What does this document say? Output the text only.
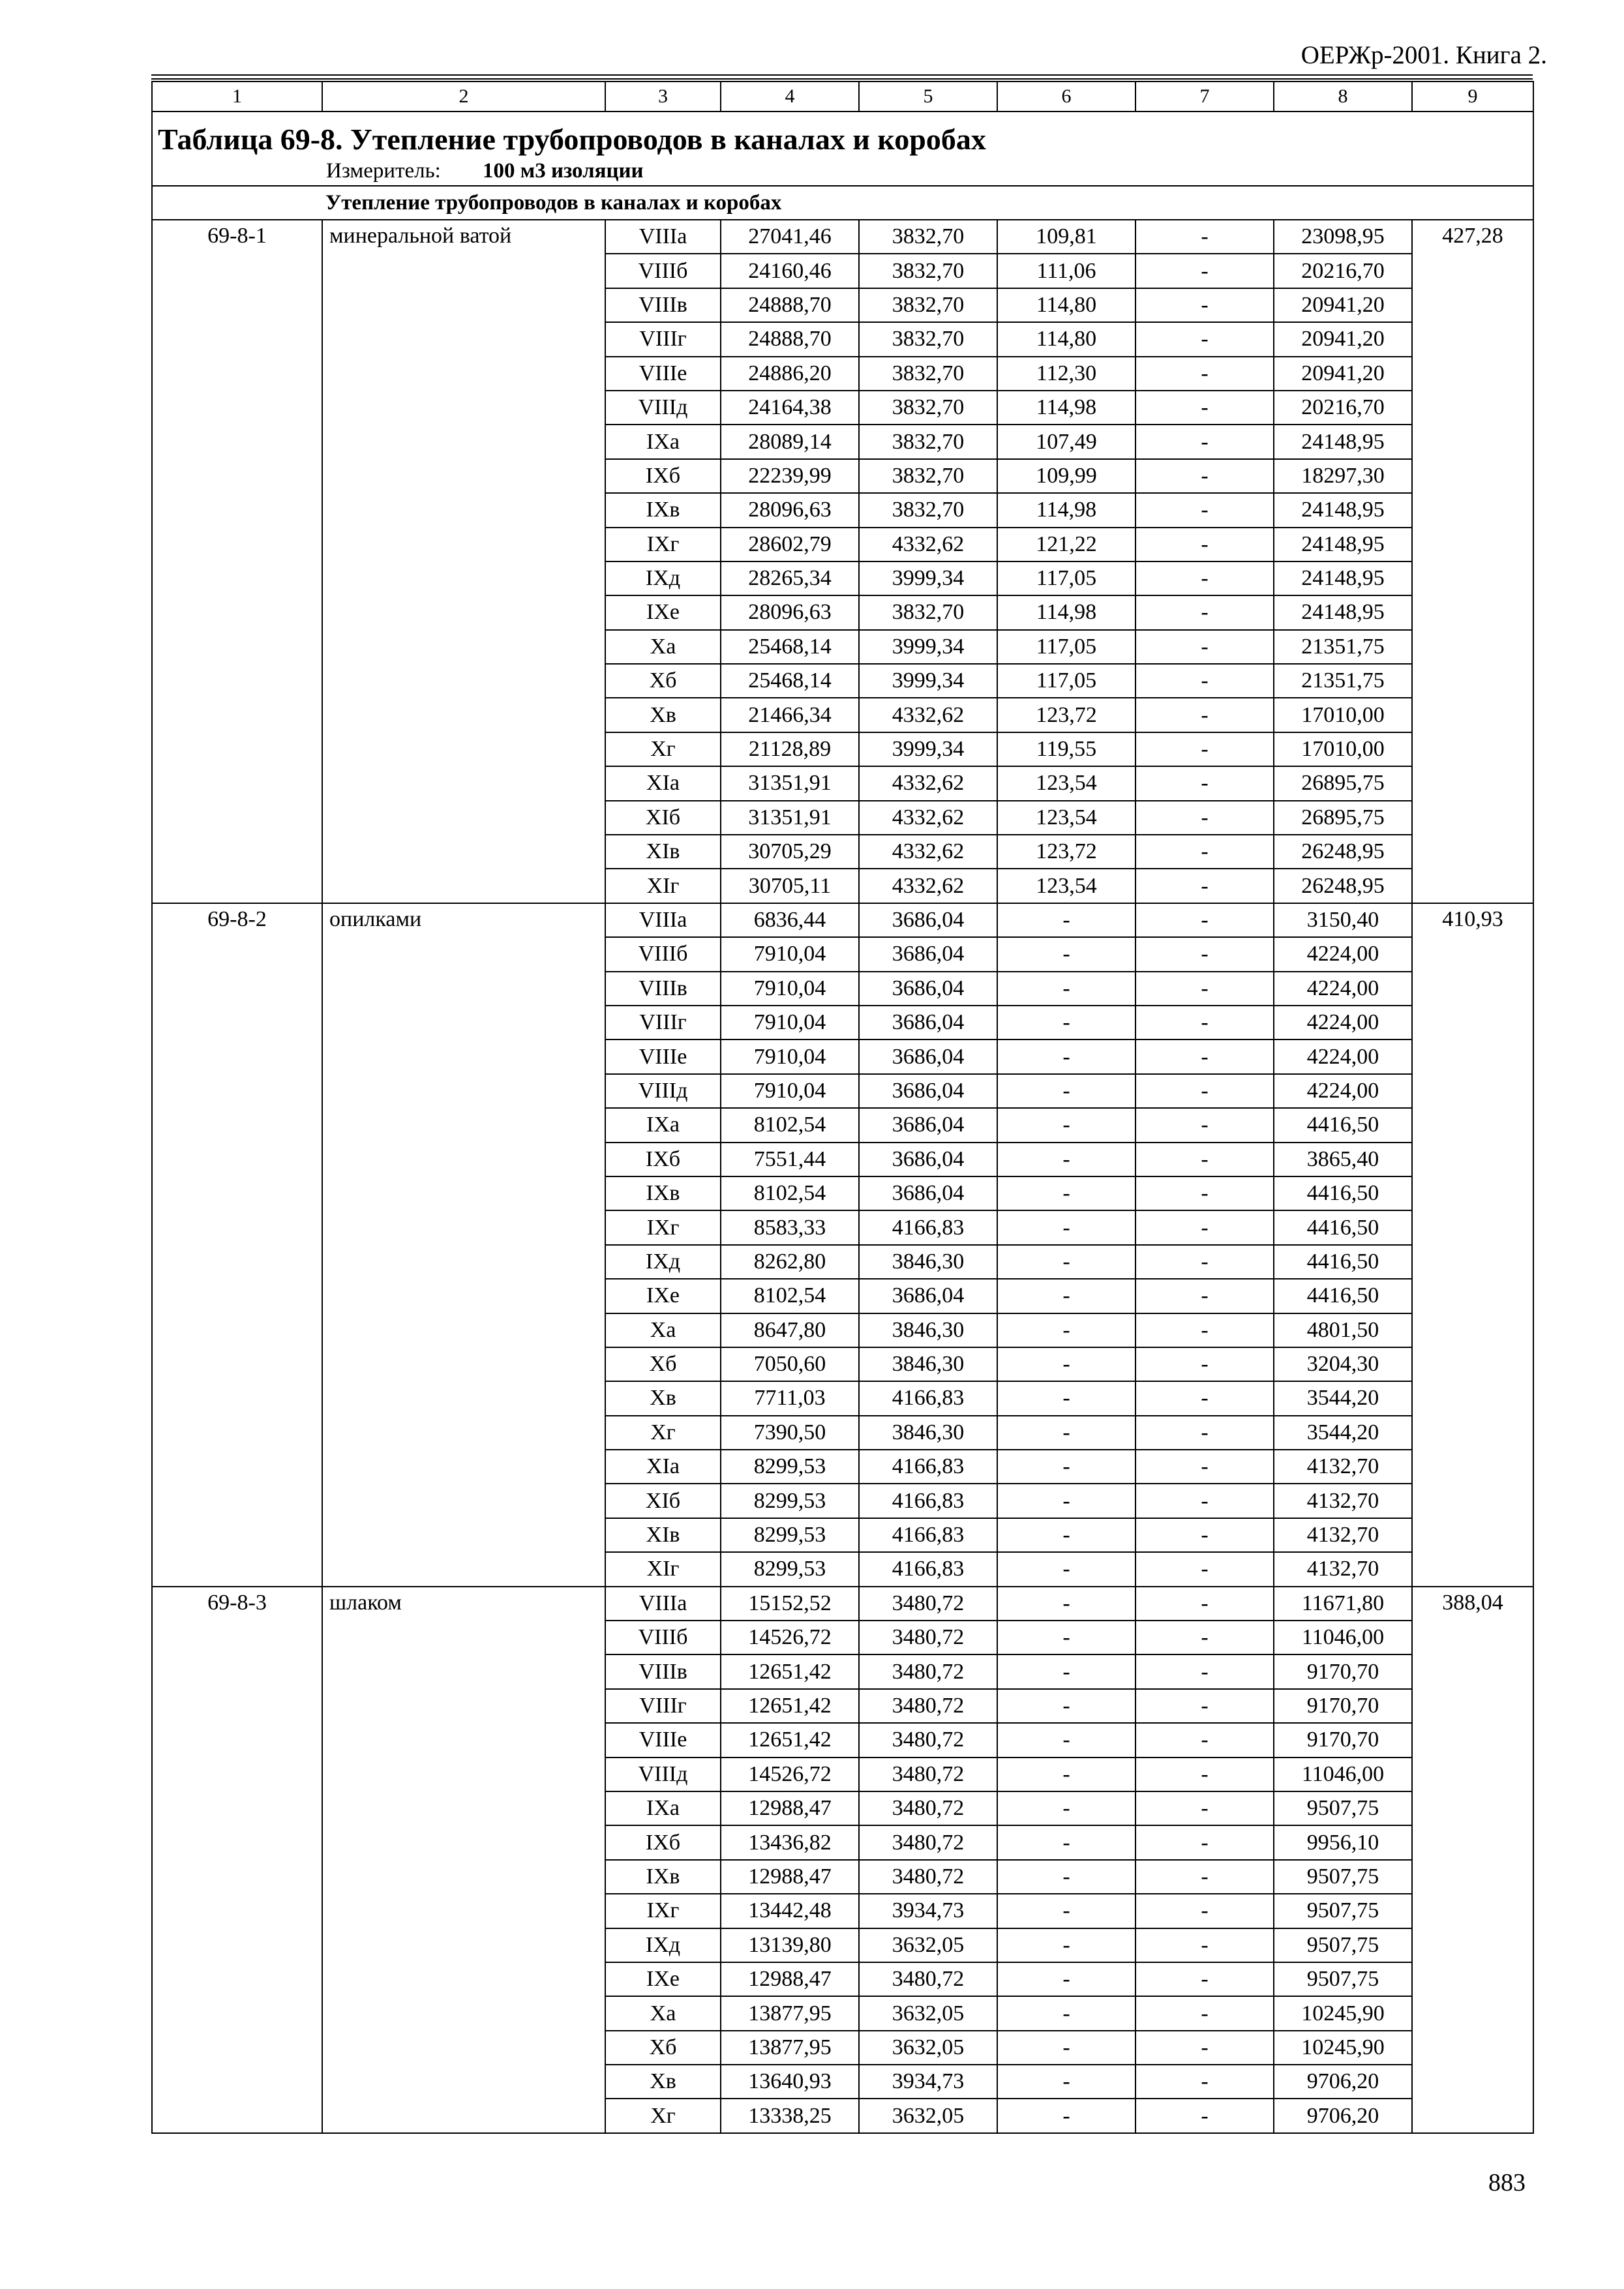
ОЕРЖр-2001. Книга 2.
1	2	3	4	5	6	7	8	9
Таблица 69-8. Утепление трубопроводов в каналах и коробах								
Измеритель: 100 м3 изоляции								
Утепление трубопроводов в каналах и коробах								
69-8-1	минеральной ватой	VIIIа	27041,46	3832,70	109,81	-	23098,95	427,28
		VIIIб	24160,46	3832,70	111,06	-	20216,70	
		VIIIв	24888,70	3832,70	114,80	-	20941,20	
		VIIIг	24888,70	3832,70	114,80	-	20941,20	
		VIIIе	24886,20	3832,70	112,30	-	20941,20	
		VIIIд	24164,38	3832,70	114,98	-	20216,70	
		IXа	28089,14	3832,70	107,49	-	24148,95	
		IXб	22239,99	3832,70	109,99	-	18297,30	
		IXв	28096,63	3832,70	114,98	-	24148,95	
		IXг	28602,79	4332,62	121,22	-	24148,95	
		IXд	28265,34	3999,34	117,05	-	24148,95	
		IXе	28096,63	3832,70	114,98	-	24148,95	
		Xа	25468,14	3999,34	117,05	-	21351,75	
		Xб	25468,14	3999,34	117,05	-	21351,75	
		Xв	21466,34	4332,62	123,72	-	17010,00	
		Xг	21128,89	3999,34	119,55	-	17010,00	
		XIа	31351,91	4332,62	123,54	-	26895,75	
		XIб	31351,91	4332,62	123,54	-	26895,75	
		XIв	30705,29	4332,62	123,72	-	26248,95	
		XIг	30705,11	4332,62	123,54	-	26248,95	
69-8-2	опилками	VIIIа	6836,44	3686,04	-	-	3150,40	410,93
		VIIIб	7910,04	3686,04	-	-	4224,00	
		VIIIв	7910,04	3686,04	-	-	4224,00	
		VIIIг	7910,04	3686,04	-	-	4224,00	
		VIIIе	7910,04	3686,04	-	-	4224,00	
		VIIIд	7910,04	3686,04	-	-	4224,00	
		IXа	8102,54	3686,04	-	-	4416,50	
		IXб	7551,44	3686,04	-	-	3865,40	
		IXв	8102,54	3686,04	-	-	4416,50	
		IXг	8583,33	4166,83	-	-	4416,50	
		IXд	8262,80	3846,30	-	-	4416,50	
		IXе	8102,54	3686,04	-	-	4416,50	
		Xа	8647,80	3846,30	-	-	4801,50	
		Xб	7050,60	3846,30	-	-	3204,30	
		Xв	7711,03	4166,83	-	-	3544,20	
		Xг	7390,50	3846,30	-	-	3544,20	
		XIа	8299,53	4166,83	-	-	4132,70	
		XIб	8299,53	4166,83	-	-	4132,70	
		XIв	8299,53	4166,83	-	-	4132,70	
		XIг	8299,53	4166,83	-	-	4132,70	
69-8-3	шлаком	VIIIа	15152,52	3480,72	-	-	11671,80	388,04
		VIIIб	14526,72	3480,72	-	-	11046,00	
		VIIIв	12651,42	3480,72	-	-	9170,70	
		VIIIг	12651,42	3480,72	-	-	9170,70	
		VIIIе	12651,42	3480,72	-	-	9170,70	
		VIIIд	14526,72	3480,72	-	-	11046,00	
		IXа	12988,47	3480,72	-	-	9507,75	
		IXб	13436,82	3480,72	-	-	9956,10	
		IXв	12988,47	3480,72	-	-	9507,75	
		IXг	13442,48	3934,73	-	-	9507,75	
		IXд	13139,80	3632,05	-	-	9507,75	
		IXе	12988,47	3480,72	-	-	9507,75	
		Xа	13877,95	3632,05	-	-	10245,90	
		Xб	13877,95	3632,05	-	-	10245,90	
		Xв	13640,93	3934,73	-	-	9706,20	
		Xг	13338,25	3632,05	-	-	9706,20	
883
